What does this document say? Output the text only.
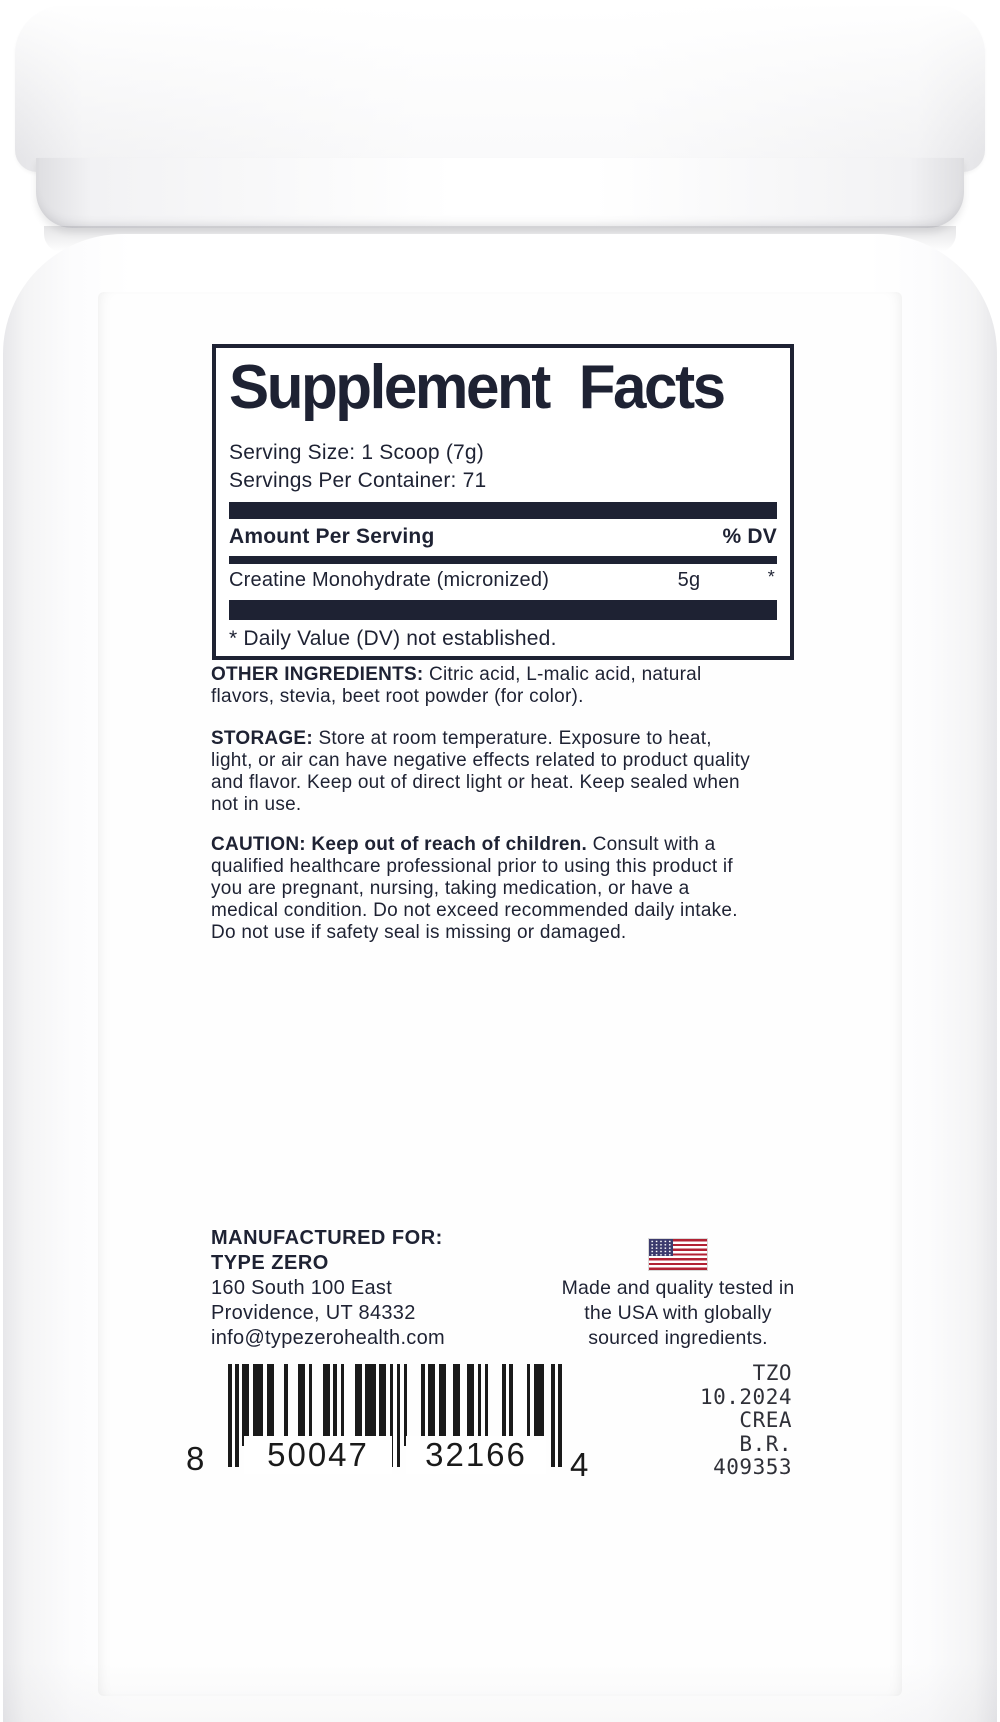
Supplement Facts
Serving Size: 1 Scoop (7g)
Servings Per Container: 71
Amount Per Serving	% DV
Creatine Monohydrate (micronized)	5g	*
* Daily Value (DV) not established.
OTHER INGREDIENTS: Citric acid, L-malic acid, natural flavors, stevia, beet root powder (for color).
STORAGE: Store at room temperature. Exposure to heat, light, or air can have negative effects related to product quality and flavor. Keep out of direct light or heat. Keep sealed when not in use.
CAUTION: Keep out of reach of children. Consult with a qualified healthcare professional prior to using this product if you are pregnant, nursing, taking medication, or have a medical condition. Do not exceed recommended daily intake. Do not use if safety seal is missing or damaged.
MANUFACTURED FOR:
TYPE ZERO
160 South 100 East
Providence, UT 84332
info@typezerohealth.com
Made and quality tested in the USA with globally sourced ingredients.
50047	32166
8	4
TZO
10.2024
CREA
B.R.
409353
